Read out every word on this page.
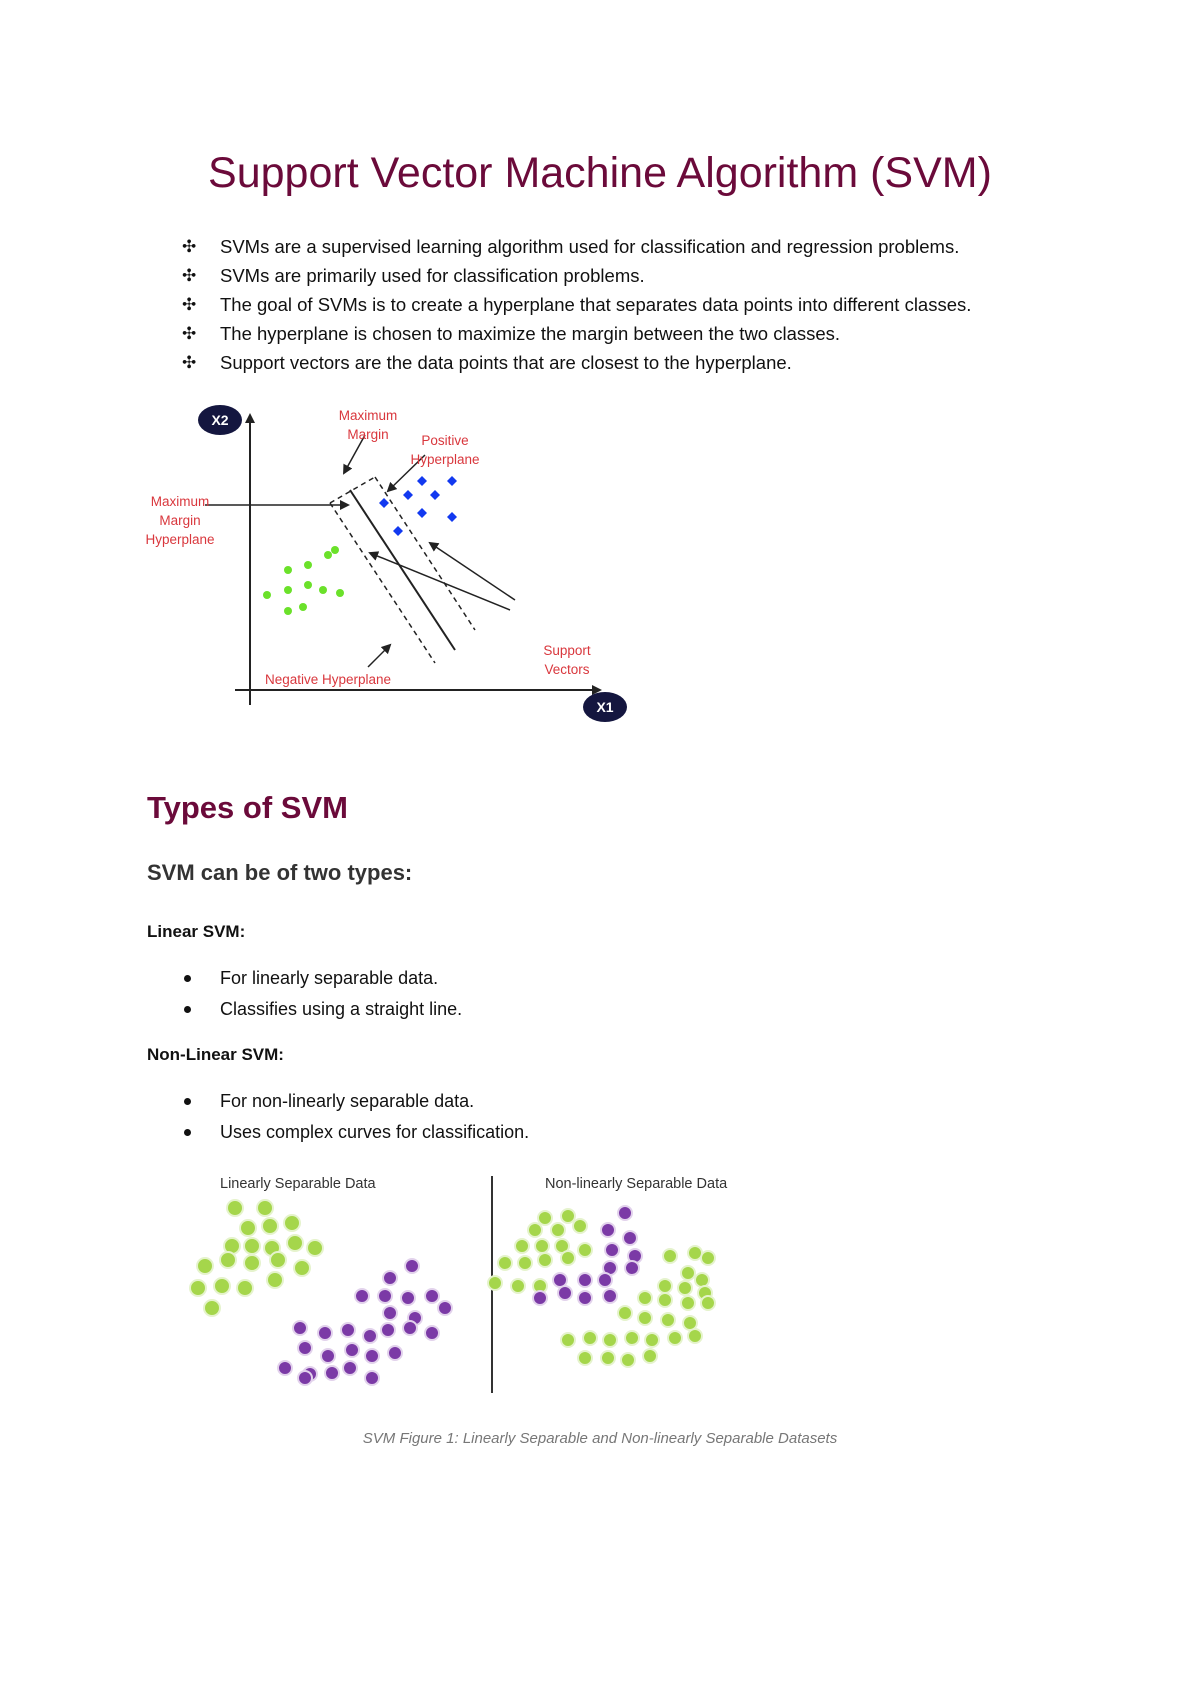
Support Vector Machine Algorithm (SVM)
✣	SVMs are a supervised learning algorithm used for classification and regression problems.
✣	SVMs are primarily used for classification problems.
✣	The goal of SVMs is to create a hyperplane that separates data points into different classes.
✣	The hyperplane is chosen to maximize the margin between the two classes.
✣	Support vectors are the data points that are closest to the hyperplane.
X2
X1
Maximum
Margin Positive
Hyperplane
Maximum
Margin
Hyperplane
Support
Vectors
Negative Hyperplane
Types of SVM
SVM can be of two types:
Linear SVM:
For linearly separable data.
Classifies using a straight line.
Non-Linear SVM:
For non-linearly separable data.
Uses complex curves for classification.
Linearly Separable Data	Non-linearly Separable Data
SVM Figure 1: Linearly Separable and Non-linearly Separable Datasets
